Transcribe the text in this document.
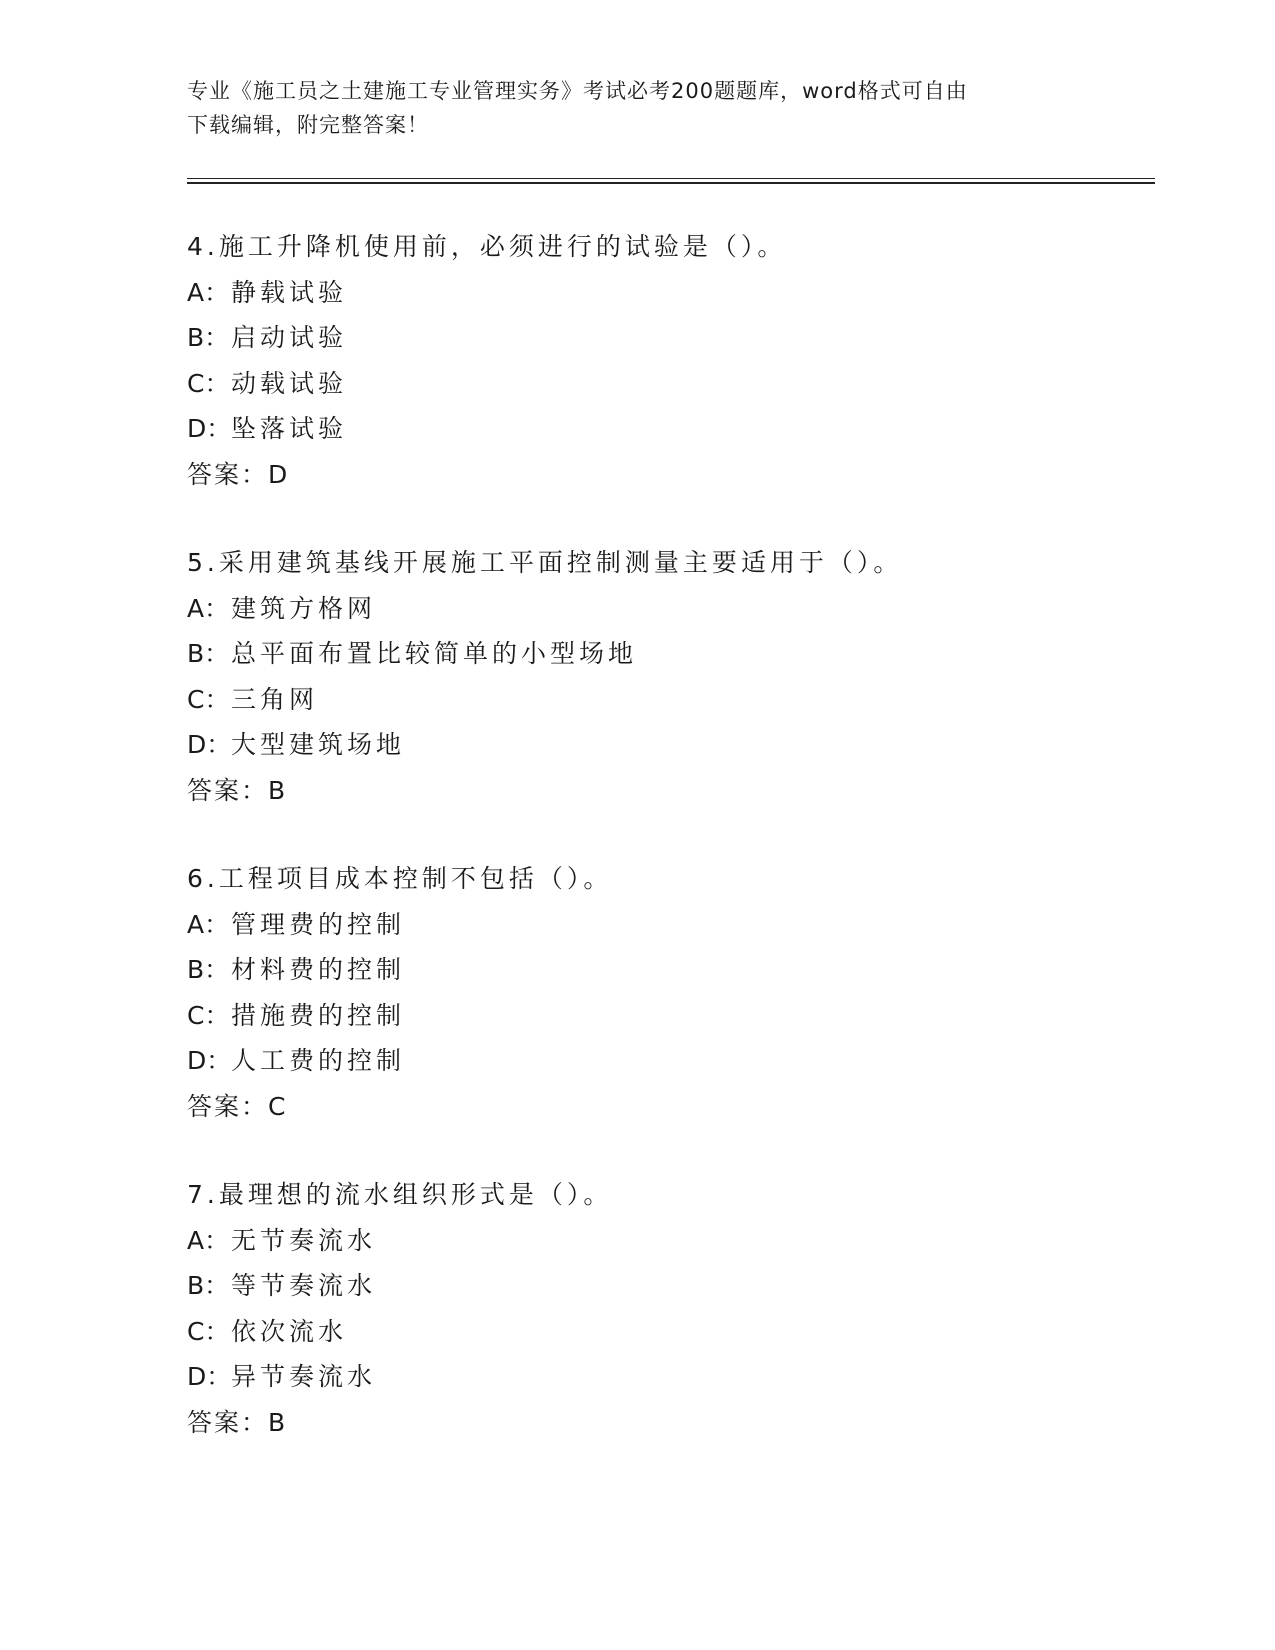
专业《施工员之土建施工专业管理实务》考试必考200题题库，word格式可自由
下载编辑，附完整答案！
4.施工升降机使用前，必须进行的试验是（）。
A：静载试验
B：启动试验
C：动载试验
D：坠落试验
答案：D
5.采用建筑基线开展施工平面控制测量主要适用于（）。
A：建筑方格网
B：总平面布置比较简单的小型场地
C：三角网
D：大型建筑场地
答案：B
6.工程项目成本控制不包括（）。
A：管理费的控制
B：材料费的控制
C：措施费的控制
D：人工费的控制
答案：C
7.最理想的流水组织形式是（）。
A：无节奏流水
B：等节奏流水
C：依次流水
D：异节奏流水
答案：B
